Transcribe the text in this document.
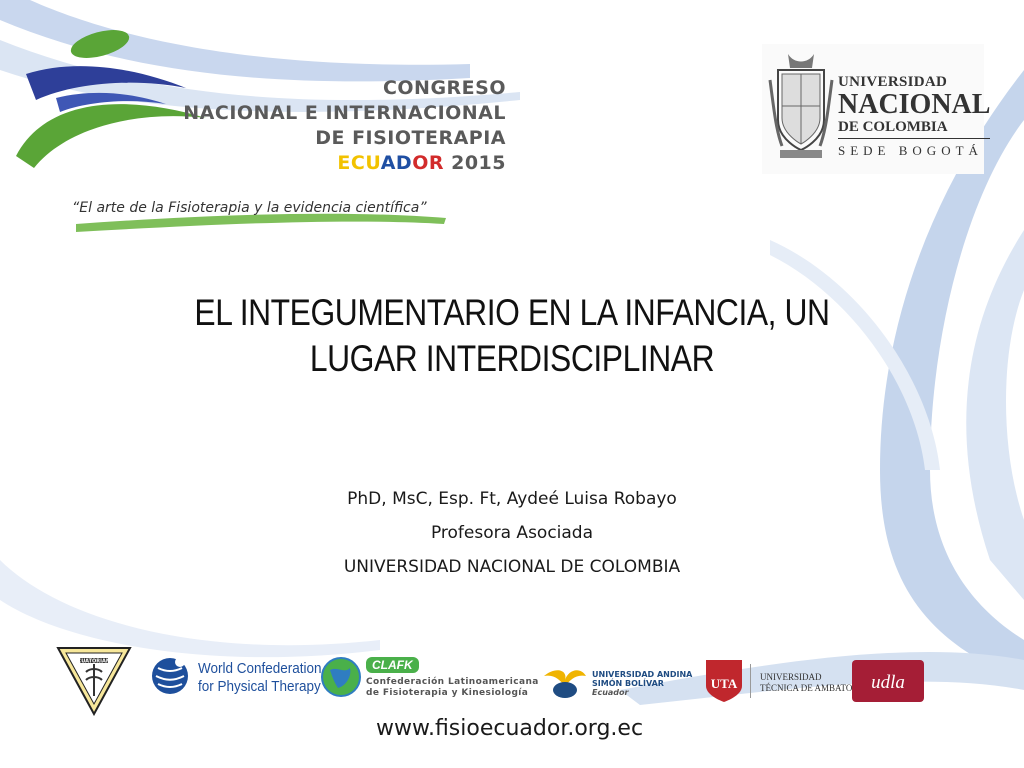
CONGRESO
NACIONAL E INTERNACIONAL
DE FISIOTERAPIA
ECUADOR 2015
“El arte de la Fisioterapia y la evidencia científica”
UNIVERSIDAD
NACIONAL
DE COLOMBIA
SEDE BOGOTÁ
EL INTEGUMENTARIO EN LA INFANCIA, UN
LUGAR INTERDISCIPLINAR
PhD, MsC, Esp. Ft, Aydeé Luisa Robayo
Profesora Asociada
UNIVERSIDAD NACIONAL DE COLOMBIA
ECUATORIANA	World Confederation
for Physical Therapy
CLAFK
Confederación Latinoamericana
de Fisioterapia y Kinesiología
UNIVERSIDAD ANDINA
SIMÓN BOLÍVAR
Ecuador
UTA	UNIVERSIDAD
TÉCNICA DE AMBATO udla
www.fisioecuador.org.ec
